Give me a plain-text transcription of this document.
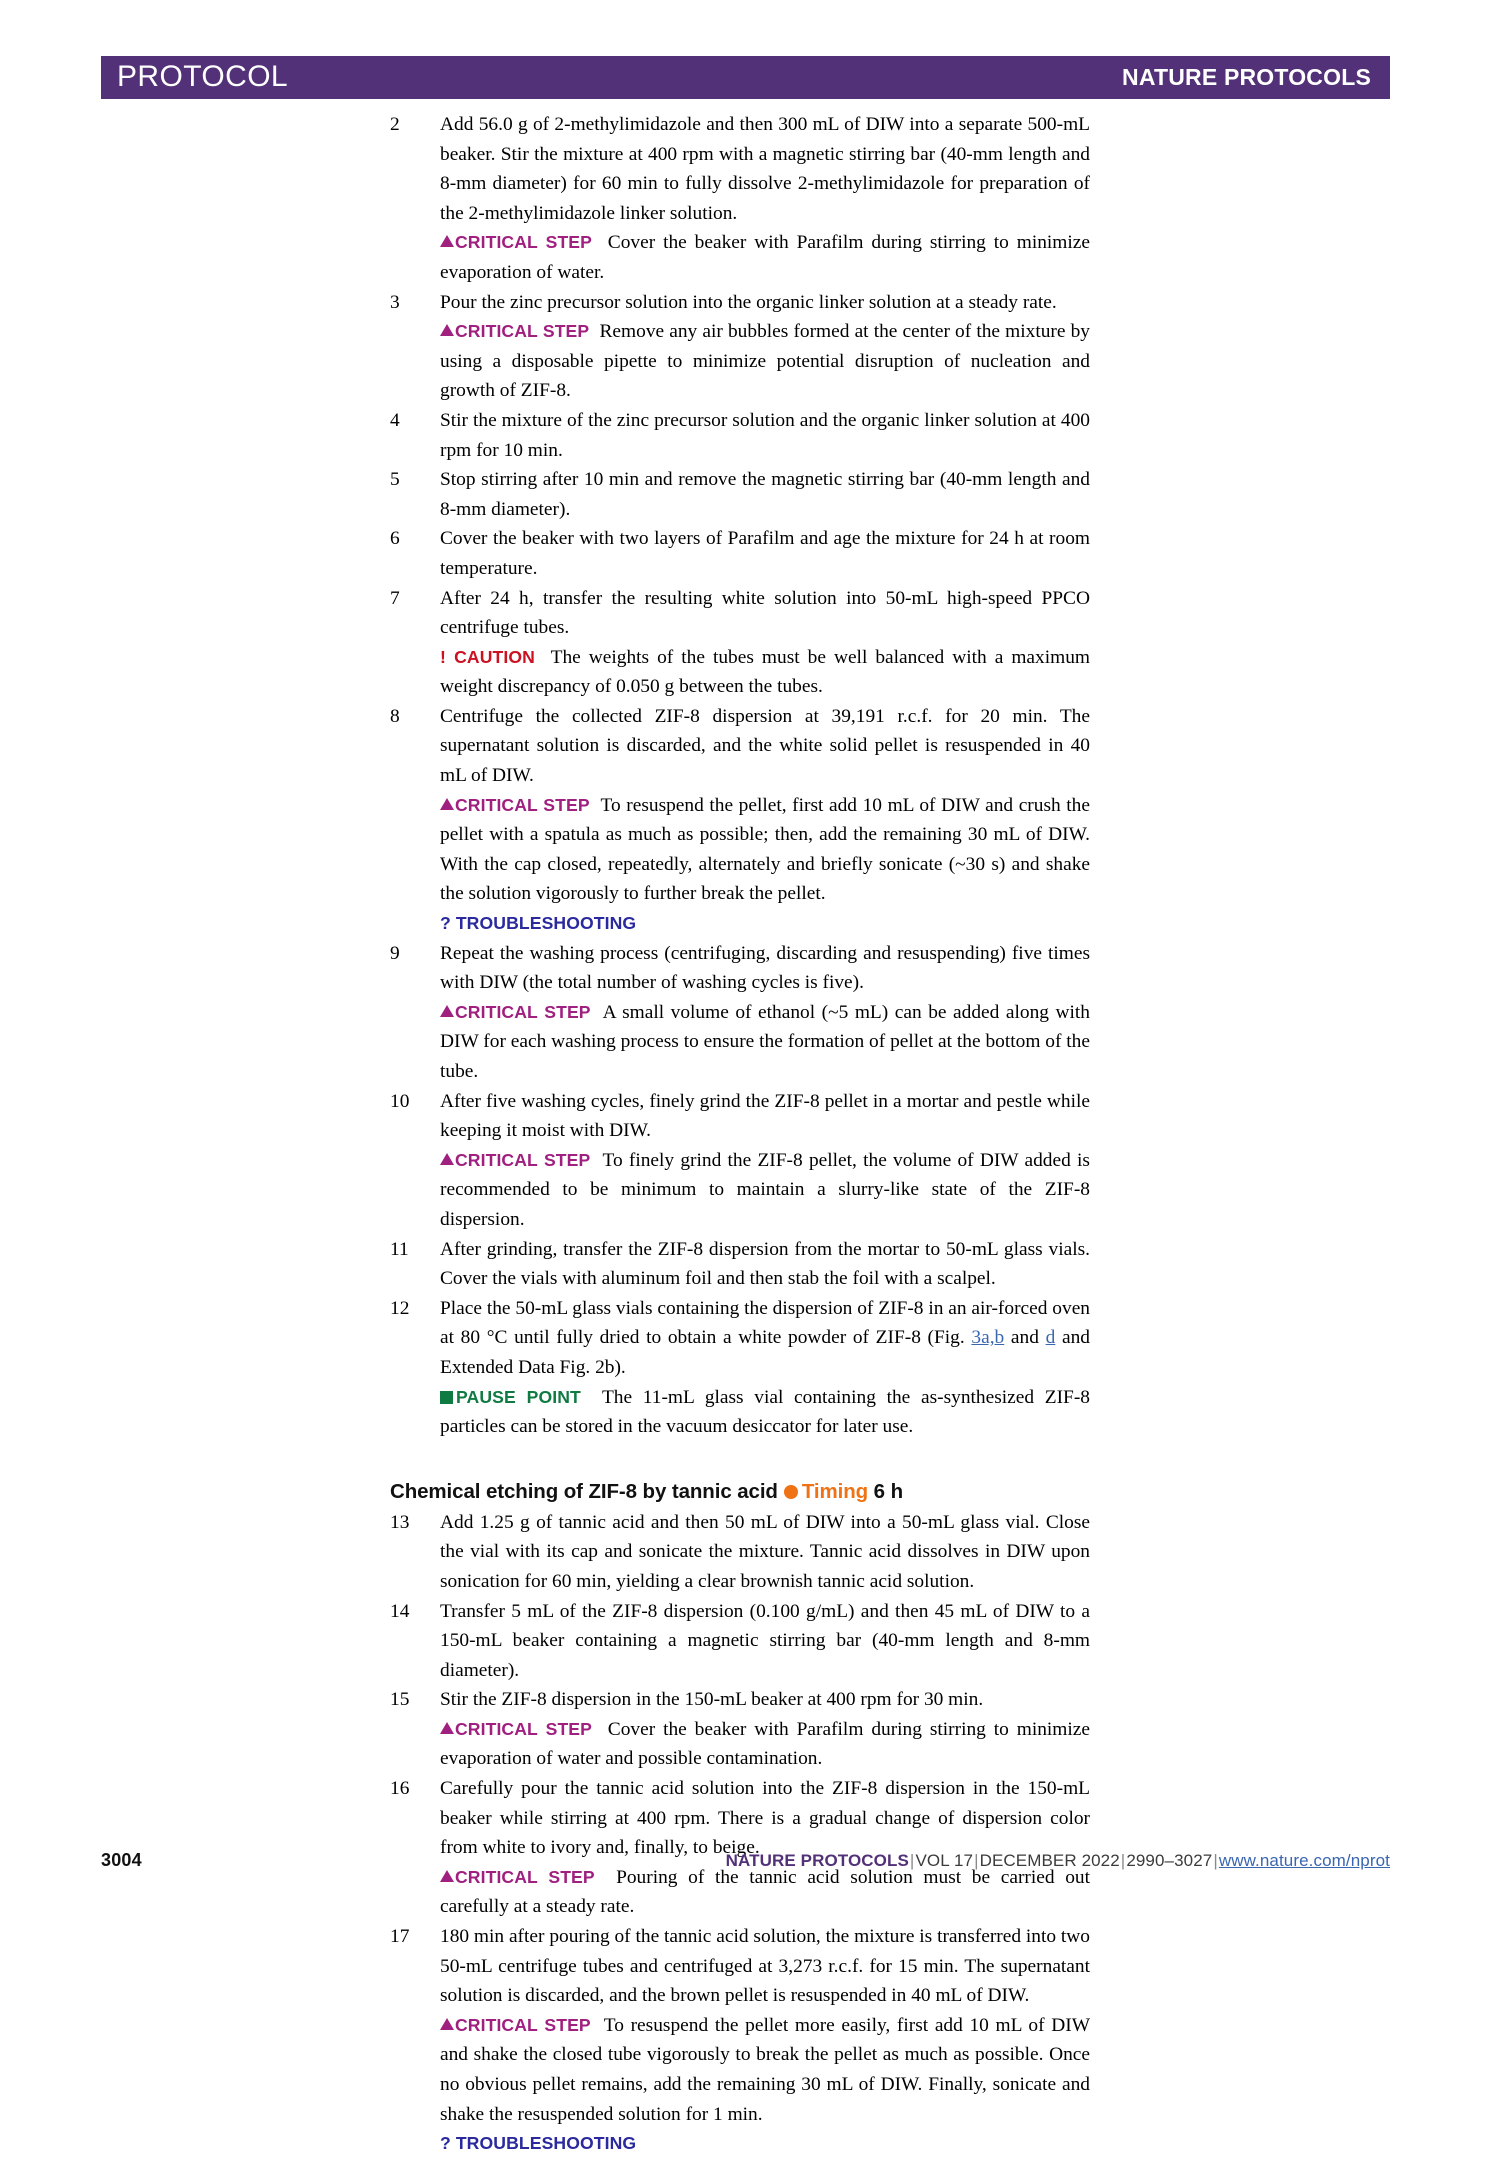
PROTOCOL	NATURE PROTOCOLS
2	Add 56.0 g of 2-methylimidazole and then 300 mL of DIW into a separate 500-mL beaker. Stir the mixture at 400 rpm with a magnetic stirring bar (40-mm length and 8-mm diameter) for 60 min to fully dissolve 2-methylimidazole for preparation of the 2-methylimidazole linker solution.

CRITICAL STEP Cover the beaker with Parafilm during stirring to minimize evaporation of water.

3	Pour the zinc precursor solution into the organic linker solution at a steady rate.

CRITICAL STEP Remove any air bubbles formed at the center of the mixture by using a disposable pipette to minimize potential disruption of nucleation and growth of ZIF-8.

4	Stir the mixture of the zinc precursor solution and the organic linker solution at 400 rpm for 10 min.

5	Stop stirring after 10 min and remove the magnetic stirring bar (40-mm length and 8-mm diameter).

6	Cover the beaker with two layers of Parafilm and age the mixture for 24 h at room temperature.

7	After 24 h, transfer the resulting white solution into 50-mL high-speed PPCO centrifuge tubes.

! CAUTION The weights of the tubes must be well balanced with a maximum weight discrepancy of 0.050 g between the tubes.

8	Centrifuge the collected ZIF-8 dispersion at 39,191 r.c.f. for 20 min. The supernatant solution is discarded, and the white solid pellet is resuspended in 40 mL of DIW.

CRITICAL STEP To resuspend the pellet, first add 10 mL of DIW and crush the pellet with a spatula as much as possible; then, add the remaining 30 mL of DIW. With the cap closed, repeatedly, alternately and briefly sonicate (~30 s) and shake the solution vigorously to further break the pellet.

? TROUBLESHOOTING

9	Repeat the washing process (centrifuging, discarding and resuspending) five times with DIW (the total number of washing cycles is five).

CRITICAL STEP A small volume of ethanol (~5 mL) can be added along with DIW for each washing process to ensure the formation of pellet at the bottom of the tube.

10	After five washing cycles, finely grind the ZIF-8 pellet in a mortar and pestle while keeping it moist with DIW.

CRITICAL STEP To finely grind the ZIF-8 pellet, the volume of DIW added is recommended to be minimum to maintain a slurry-like state of the ZIF-8 dispersion.

11	After grinding, transfer the ZIF-8 dispersion from the mortar to 50-mL glass vials. Cover the vials with aluminum foil and then stab the foil with a scalpel.

12	Place the 50-mL glass vials containing the dispersion of ZIF-8 in an air-forced oven at 80 °C until fully dried to obtain a white powder of ZIF-8 (Fig. 3a,b and d and Extended Data Fig. 2b).

PAUSE POINT The 11-mL glass vial containing the as-synthesized ZIF-8 particles can be stored in the vacuum desiccator for later use.

Chemical etching of ZIF-8 by tannic acid Timing 6 h
13	Add 1.25 g of tannic acid and then 50 mL of DIW into a 50-mL glass vial. Close the vial with its cap and sonicate the mixture. Tannic acid dissolves in DIW upon sonication for 60 min, yielding a clear brownish tannic acid solution.

14	Transfer 5 mL of the ZIF-8 dispersion (0.100 g/mL) and then 45 mL of DIW to a 150-mL beaker containing a magnetic stirring bar (40-mm length and 8-mm diameter).

15	Stir the ZIF-8 dispersion in the 150-mL beaker at 400 rpm for 30 min.

CRITICAL STEP Cover the beaker with Parafilm during stirring to minimize evaporation of water and possible contamination.

16	Carefully pour the tannic acid solution into the ZIF-8 dispersion in the 150-mL beaker while stirring at 400 rpm. There is a gradual change of dispersion color from white to ivory and, finally, to beige.

CRITICAL STEP Pouring of the tannic acid solution must be carried out carefully at a steady rate.

17	180 min after pouring of the tannic acid solution, the mixture is transferred into two 50-mL centrifuge tubes and centrifuged at 3,273 r.c.f. for 15 min. The supernatant solution is discarded, and the brown pellet is resuspended in 40 mL of DIW.

CRITICAL STEP To resuspend the pellet more easily, first add 10 mL of DIW and shake the closed tube vigorously to break the pellet as much as possible. Once no obvious pellet remains, add the remaining 30 mL of DIW. Finally, sonicate and shake the resuspended solution for 1 min.

? TROUBLESHOOTING

3004	NATURE PROTOCOLS|VOL 17|DECEMBER 2022|2990–3027|www.nature.com/nprot
